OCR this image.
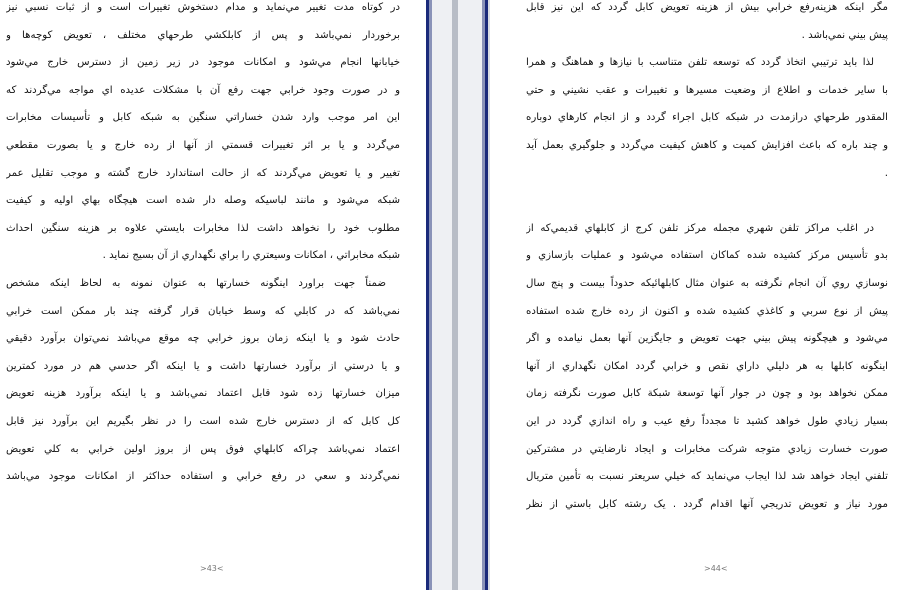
در کوتاه مدت تغيير مي‌نمايد و مدام دستخوش تغييرات است و از ثبات نسبي نيز
برخوردار نمي‌باشد و پس از کابلکشي طرحهاي مختلف ، تعويض کوچه‌ها و
خيابانها انجام مي‌شود و امکانات موجود در زير زمين از دسترس خارج مي‌شود
و در صورت وجود خرابي جهت رفع آن با مشکلات عديده اي مواجه مي‌گردند که
اين امر موجب وارد شدن خساراتي سنگين به شبکه کابل و تأسيسات مخابرات
مي‌گردد و يا بر اثر تغييرات قسمتي از آنها از رده خارج و يا بصورت مقطعي
تغيير و يا تعويض مي‌گردند که از حالت استاندارد خارج گشته و موجب تقليل عمر
شبکه مي‌شود و مانند لباسيکه وصله دار شده است هيچگاه بهاي اوليه و کيفيت
مطلوب خود را نخواهد داشت لذا مخابرات بايستي علاوه بر هزينه سنگين احداث
شبکه مخابراتي ، امکانات وسيعتري را براي نگهداري از آن بسيج نمايد .
ضمناً جهت براورد اينگونه خسارتها به عنوان نمونه به لحاظ اينکه مشخص
نمي‌باشد که در کابلي که وسط خيابان قرار گرفته چند بار ممکن است خرابي
حادث شود و يا اينکه زمان بروز خرابي چه موقع مي‌باشد نمي‌توان برآورد دقيقي
و يا درستي از برآورد خسارتها داشت و يا اينکه اگر حدسي هم در مورد کمترين
ميزان خسارتها زده شود قابل اعتماد نمي‌باشد و يا اينکه برآورد هزينه تعويض
کل کابل که از دسترس خارج شده است را در نظر بگيريم اين برآورد نيز قابل
اعتماد نمي‌باشد چراکه کابلهاي فوق پس از بروز اولين خرابي به کلي تعويض
نمي‌گردند و سعي در رفع خرابي و استفاده حداکثر از امکانات موجود مي‌باشد
>43<
مگر اينکه هزينه‌رفع خرابي بيش از هزينه تعويض کابل گردد که اين نيز قابل
پيش بيني نمي‌باشد .
لذا بايد ترتيبي اتخاذ گردد که توسعه تلفن متناسب با نيازها و هماهنگ و همرا
با ساير خدمات و اطلاع از وضعيت مسيرها و تغييرات و عقب نشيني و حتي
المقدور طرحهاي درازمدت در شبکه کابل اجراء گردد و از انجام کارهاي دوباره
و چند باره که باعث افزايش کميت و کاهش کيفيت مي‌گردد و جلوگيري بعمل آيد
.
در اغلب مراکز تلفن شهري مجمله مرکز تلفن کرج از کابلهاي قديمي‌که از
بدو تأسيس مرکز کشيده شده کماکان استفاده مي‌شود و عمليات بازسازي و
نوسازي روي آن انجام نگرفته به عنوان مثال کابلهائيکه حدوداً بيست و پنج سال
پيش از نوع سربي و کاغذي کشيده شده و اکنون از رده خارج شده استفاده
مي‌شود و هيچگونه پيش بيني جهت تعويض و جايگزين آنها بعمل نيامده و اگر
اينگونه کابلها به هر دليلي داراي نقص و خرابي گردد امکان نگهداري از آنها
ممکن نخواهد بود و چون در جوار آنها توسعة شبکة کابل صورت نگرفته زمان
بسيار زيادي طول خواهد کشيد تا مجدداً رفع عيب و راه اندازي گردد در اين
صورت خسارت زيادي متوجه شرکت مخابرات و ايجاد نارضايتي در مشترکين
تلفني ايجاد خواهد شد لذا ايجاب مي‌نمايد که خيلي سريعتر نسبت به تأمين متريال
مورد نياز و تعويض تدريجي آنها اقدام گردد . يک رشته کابل باستي از نظر
>44<
